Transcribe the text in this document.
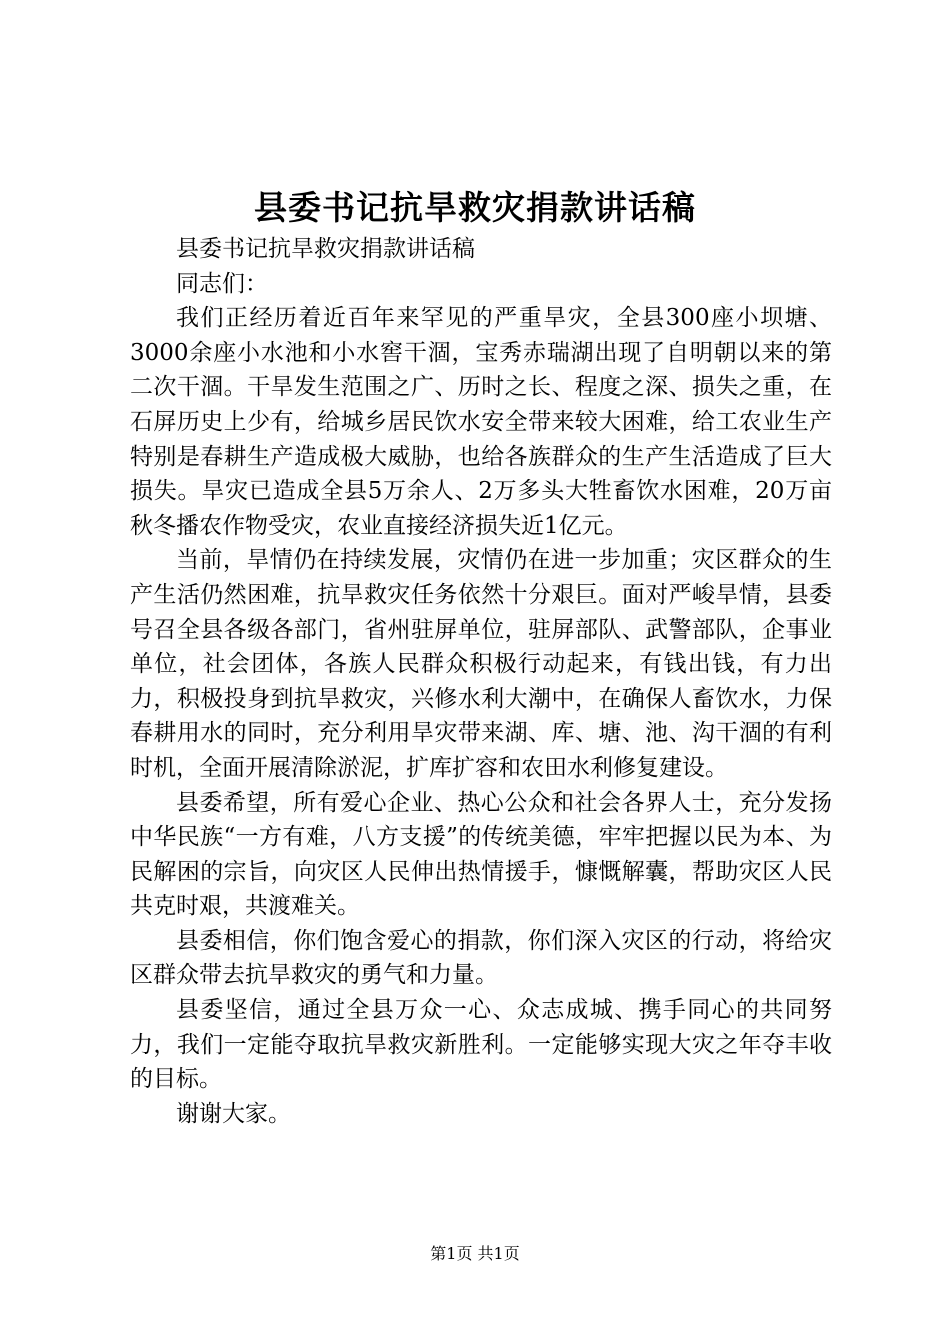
县委书记抗旱救灾捐款讲话稿

县委书记抗旱救灾捐款讲话稿

同志们：

我们正经历着近百年来罕见的严重旱灾，全县300座小坝塘、3000余座小水池和小水窖干涸，宝秀赤瑞湖出现了自明朝以来的第二次干涸。干旱发生范围之广、历时之长、程度之深、损失之重，在石屏历史上少有，给城乡居民饮水安全带来较大困难，给工农业生产特别是春耕生产造成极大威胁，也给各族群众的生产生活造成了巨大损失。旱灾已造成全县5万余人、2万多头大牲畜饮水困难，20万亩秋冬播农作物受灾，农业直接经济损失近1亿元。

当前，旱情仍在持续发展，灾情仍在进一步加重；灾区群众的生产生活仍然困难，抗旱救灾任务依然十分艰巨。面对严峻旱情，县委号召全县各级各部门，省州驻屏单位，驻屏部队、武警部队，企事业单位，社会团体，各族人民群众积极行动起来，有钱出钱，有力出力，积极投身到抗旱救灾，兴修水利大潮中，在确保人畜饮水，力保春耕用水的同时，充分利用旱灾带来湖、库、塘、池、沟干涸的有利时机，全面开展清除淤泥，扩库扩容和农田水利修复建设。

县委希望，所有爱心企业、热心公众和社会各界人士，充分发扬中华民族“一方有难，八方支援”的传统美德，牢牢把握以民为本、为民解困的宗旨，向灾区人民伸出热情援手，慷慨解囊，帮助灾区人民共克时艰，共渡难关。

县委相信，你们饱含爱心的捐款，你们深入灾区的行动，将给灾区群众带去抗旱救灾的勇气和力量。

县委坚信，通过全县万众一心、众志成城、携手同心的共同努力，我们一定能夺取抗旱救灾新胜利。一定能够实现大灾之年夺丰收的目标。

谢谢大家。

第1页 共1页
